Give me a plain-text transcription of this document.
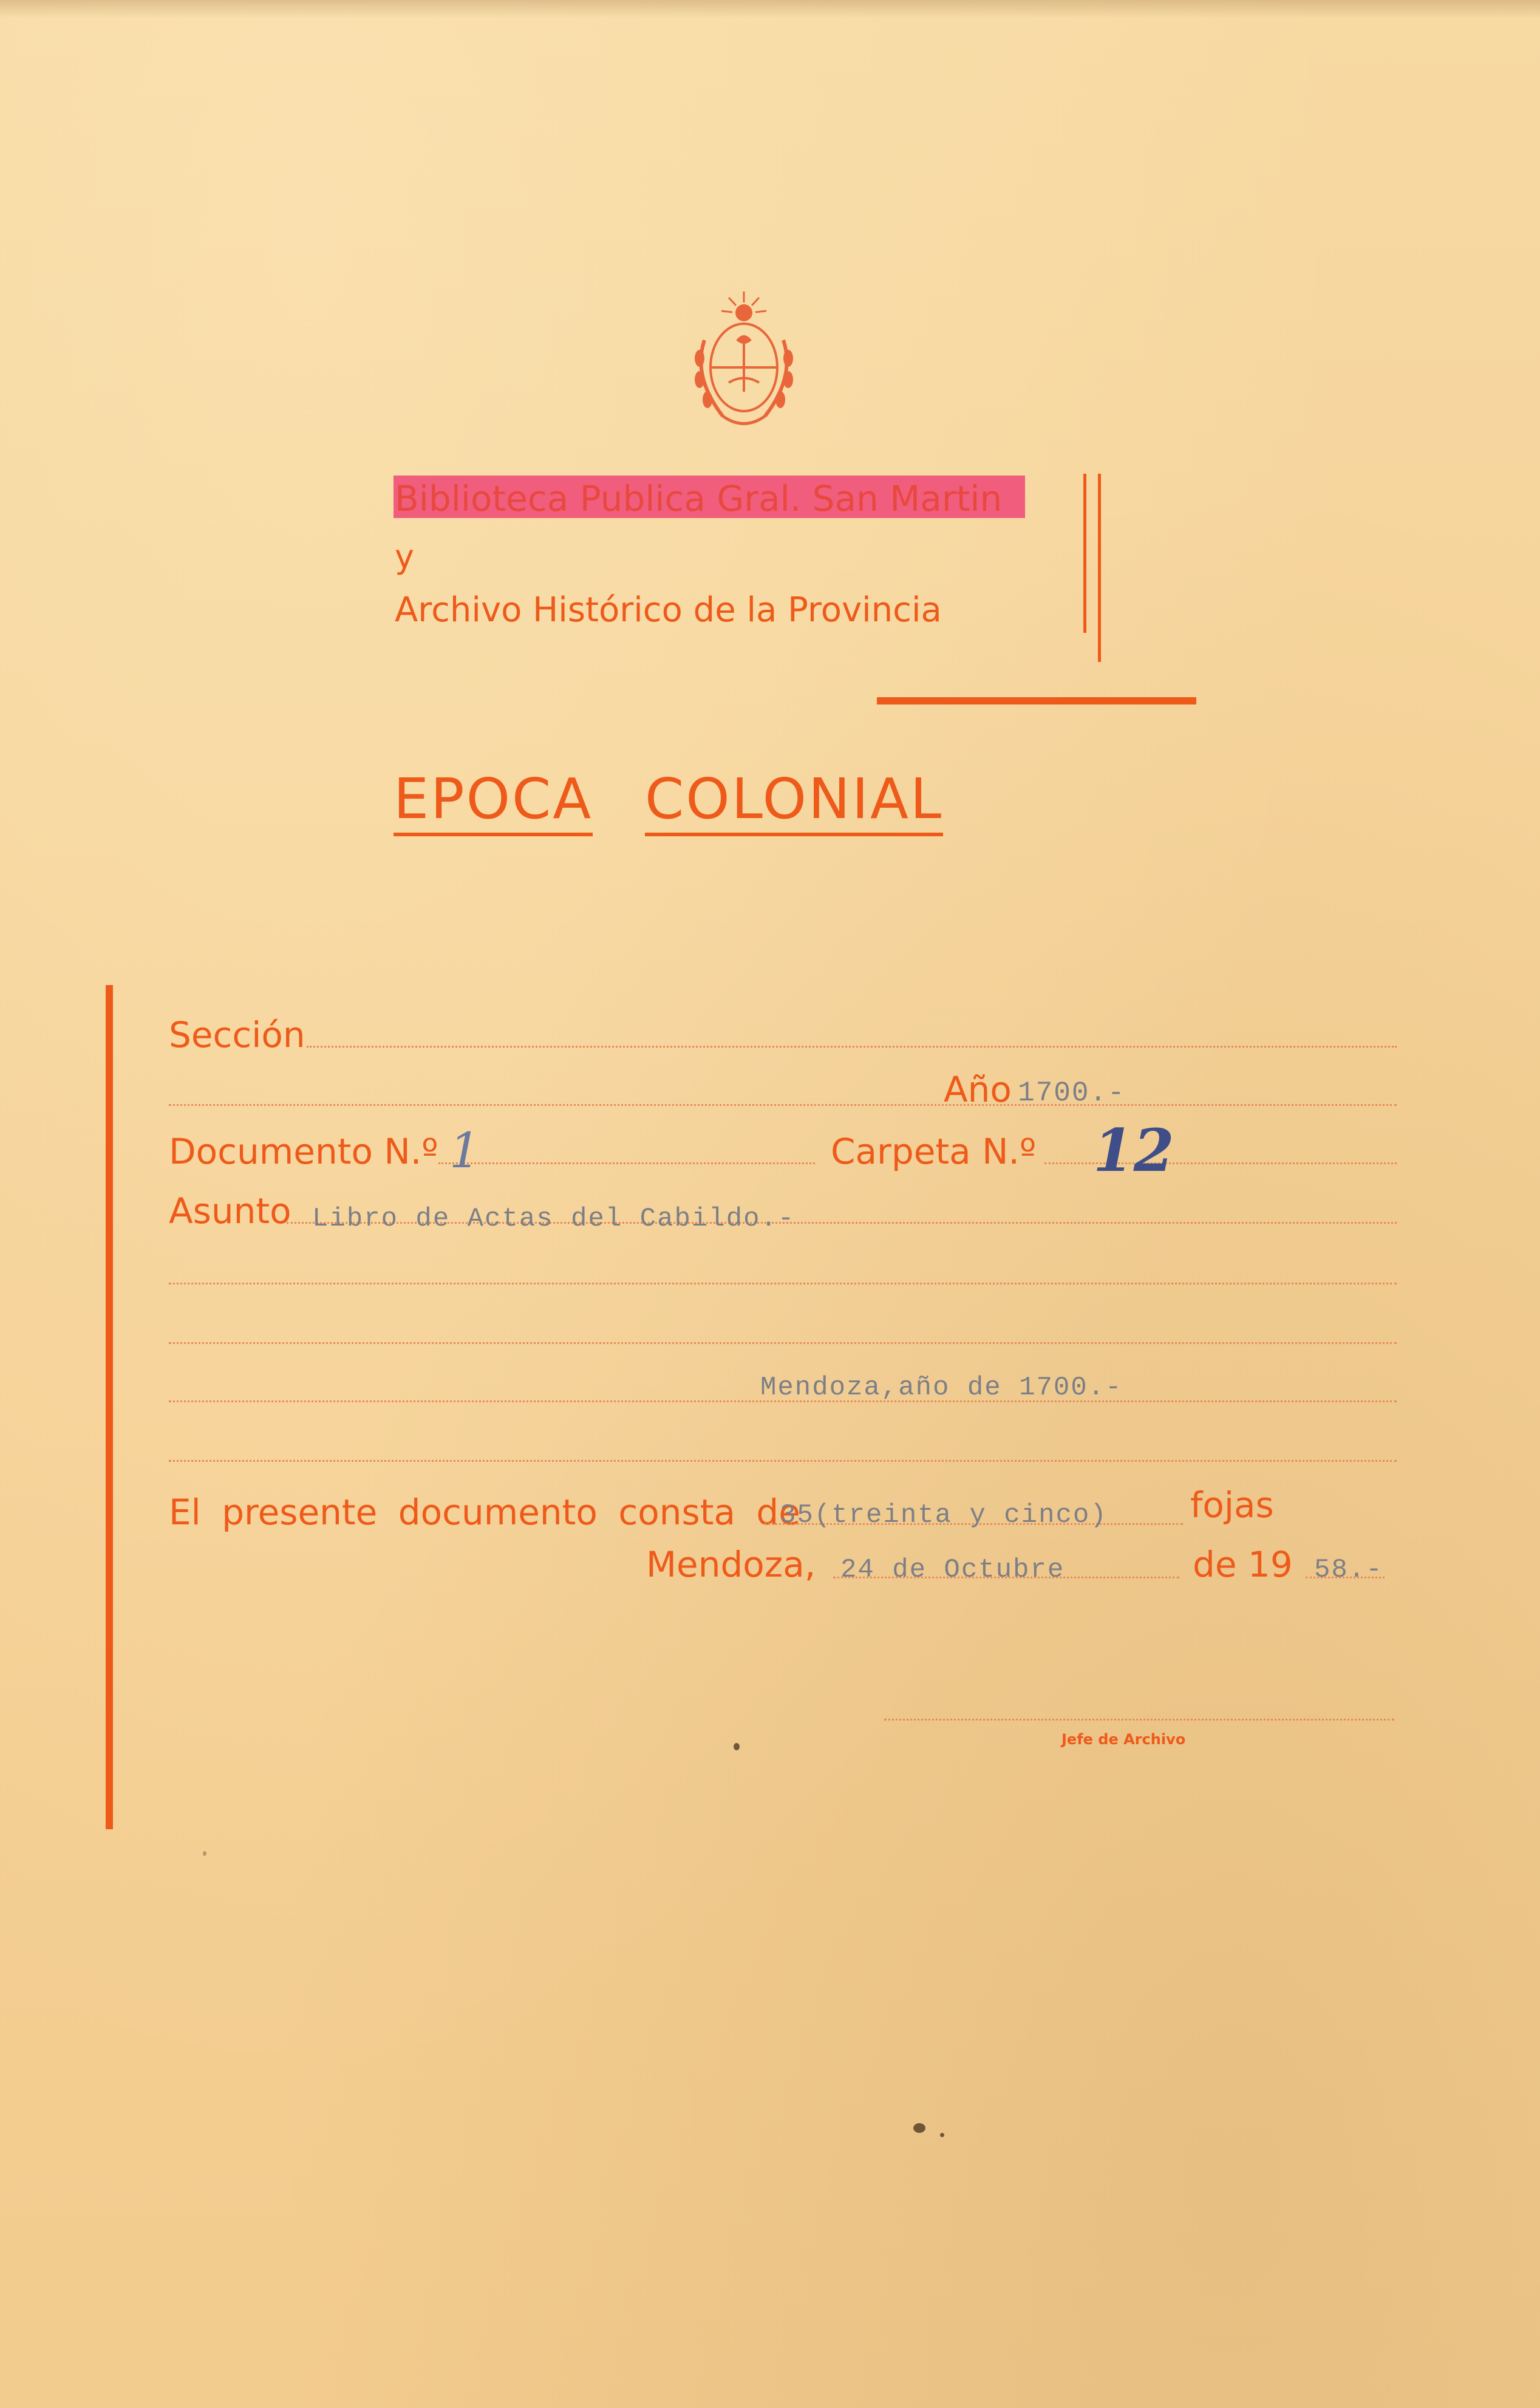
Biblioteca Publica Gral. San Martin
y
Archivo Histórico de la Provincia
EPOCA COLONIAL
Sección
Año 1700.-
Documento N.º 1	Carpeta N.º 12
Asunto Libro de Actas del Cabildo.-
Mendoza,año de 1700.-
El presente documento consta de
35(treinta y cinco) fojas
Mendoza, 24 de Octubre	de 19 58.-
Jefe de Archivo
